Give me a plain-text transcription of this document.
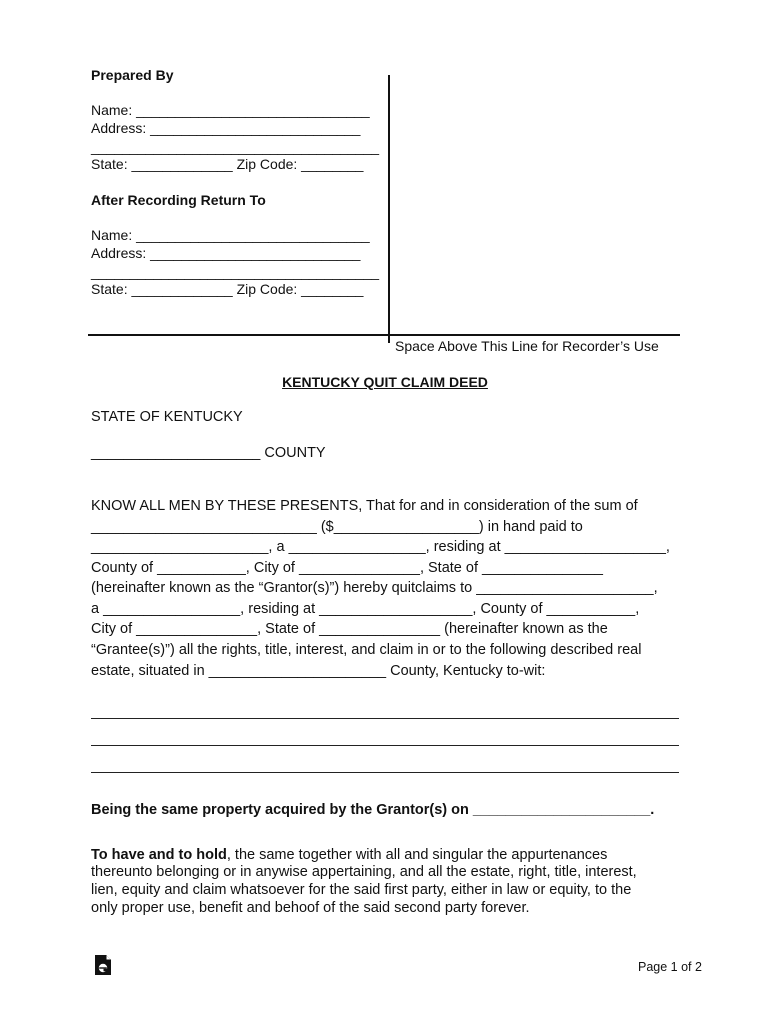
Prepared By
Name: ______________________________
Address: ___________________________
_____________________________________
State: _____________ Zip Code: ________
After Recording Return To
Name: ______________________________
Address: ___________________________
_____________________________________
State: _____________ Zip Code: ________
Space Above This Line for Recorder’s Use
KENTUCKY QUIT CLAIM DEED
STATE OF KENTUCKY
_____________________ COUNTY
KNOW ALL MEN BY THESE PRESENTS, That for and in consideration of the sum of
____________________________ ($__________________) in hand paid to
______________________, a _________________, residing at ____________________,
County of ___________, City of _______________, State of _______________
(hereinafter known as the “Grantor(s)”) hereby quitclaims to ______________________,
a _________________, residing at ___________________, County of ___________,
City of _______________, State of _______________ (hereinafter known as the
“Grantee(s)”) all the rights, title, interest, and claim in or to the following described real
estate, situated in ______________________ County, Kentucky to-wit:
Being the same property acquired by the Grantor(s) on ______________________.
To have and to hold, the same together with all and singular the appurtenances
thereunto belonging or in anywise appertaining, and all the estate, right, title, interest,
lien, equity and claim whatsoever for the said first party, either in law or equity, to the
only proper use, benefit and behoof of the said second party forever.
Page 1 of 2
